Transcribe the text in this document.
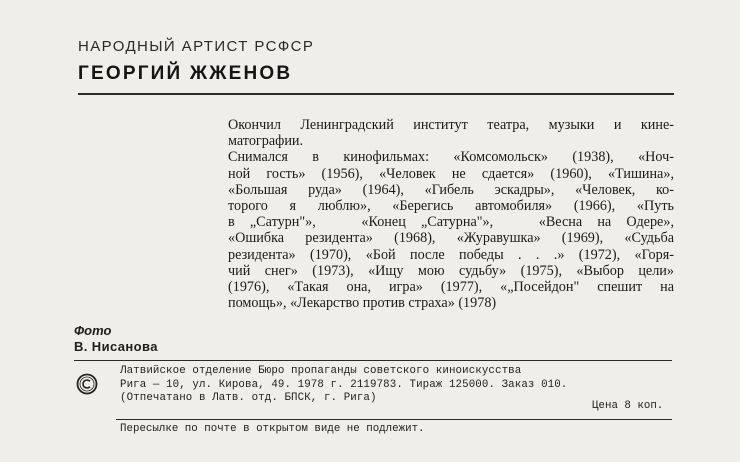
НАРОДНЫЙ АРТИСТ РСФСР
ГЕОРГИЙ ЖЖЕНОВ
Окончил Ленинградский институт театра, музыки и кине-
матографии.
Снимался в кинофильмах: «Комсомольск» (1938), «Ноч-
ной гость» (1956), «Человек не сдается» (1960), «Тишина»,
«Большая руда» (1964), «Гибель эскадры», «Человек, ко-
торого я люблю», «Берегись автомобиля» (1966), «Путь
в „Сатурн"»,   «Конец „Сатурна"»,   «Весна на Одере»,
«Ошибка резидента» (1968), «Журавушка» (1969), «Судьба
резидента» (1970), «Бой после победы . . .» (1972), «Горя-
чий снег» (1973), «Ищу мою судьбу» (1975), «Выбор цели»
(1976), «Такая она, игра» (1977), «„Посейдон" спешит на
помощь», «Лекарство против страха» (1978)
Фото
В. Нисанова
Латвийское отделение Бюро пропаганды советского киноискусства
Рига — 10, ул. Кирова, 49. 1978 г. 2119783. Тираж 125000. Заказ 010.
(Отпечатано в Латв. отд. БПСК, г. Рига)
Цена 8 коп.
Пересылке по почте в открытом виде не подлежит.
